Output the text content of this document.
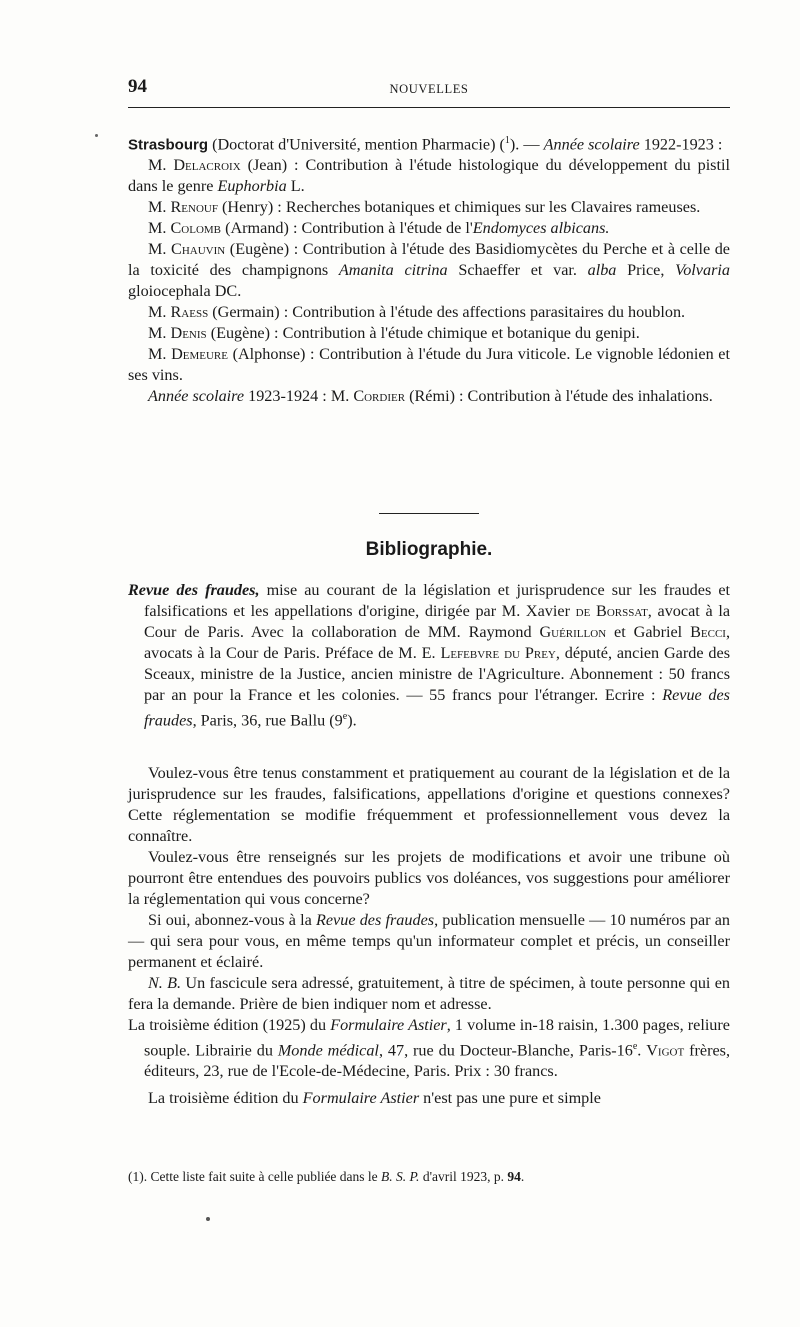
94	NOUVELLES

Strasbourg (Doctorat d'Université, mention Pharmacie) ($^1$). — Année scolaire 1922-1923 :

M. Delacroix (Jean) : Contribution à l'étude histologique du développement du pistil dans le genre Euphorbia L.

M. Renouf (Henry) : Recherches botaniques et chimiques sur les Clavaires rameuses.

M. Colomb (Armand) : Contribution à l'étude de l'Endomyces albicans.

M. Chauvin (Eugène) : Contribution à l'étude des Basidiomycètes du Perche et à celle de la toxicité des champignons Amanita citrina Schaeffer et var. alba Price, Volvaria gloiocephala DC.

M. Raess (Germain) : Contribution à l'étude des affections parasitaires du houblon.

M. Denis (Eugène) : Contribution à l'étude chimique et botanique du genipi.

M. Demeure (Alphonse) : Contribution à l'étude du Jura viticole. Le vignoble lédonien et ses vins.

Année scolaire 1923-1924 : M. Cordier (Rémi) : Contribution à l'étude des inhalations.

Bibliographie.

Revue des fraudes, mise au courant de la législation et jurisprudence sur les fraudes et falsifications et les appellations d'origine, dirigée par M. Xavier de Borssat, avocat à la Cour de Paris. Avec la collaboration de MM. Raymond Guérillon et Gabriel Becci, avocats à la Cour de Paris. Préface de M. E. Lefebvre du Prey, député, ancien Garde des Sceaux, ministre de la Justice, ancien ministre de l'Agriculture. Abonnement : 50 francs par an pour la France et les colonies. — 55 francs pour l'étranger. Ecrire : Revue des fraudes, Paris, 36, rue Ballu (9e).

Voulez-vous être tenus constamment et pratiquement au courant de la législation et de la jurisprudence sur les fraudes, falsifications, appellations d'origine et questions connexes? Cette réglementation se modifie fréquemment et professionnellement vous devez la connaître.

Voulez-vous être renseignés sur les projets de modifications et avoir une tribune où pourront être entendues des pouvoirs publics vos doléances, vos suggestions pour améliorer la réglementation qui vous concerne?

Si oui, abonnez-vous à la Revue des fraudes, publication mensuelle — 10 numéros par an — qui sera pour vous, en même temps qu'un informateur complet et précis, un conseiller permanent et éclairé.

N. B. Un fascicule sera adressé, gratuitement, à titre de spécimen, à toute personne qui en fera la demande. Prière de bien indiquer nom et adresse.

La troisième édition (1925) du Formulaire Astier, 1 volume in-18 raisin, 1.300 pages, reliure souple. Librairie du Monde médical, 47, rue du Docteur-Blanche, Paris-16e. Vigot frères, éditeurs, 23, rue de l'Ecole-de-Médecine, Paris. Prix : 30 francs.

La troisième édition du Formulaire Astier n'est pas une pure et simple

(1). Cette liste fait suite à celle publiée dans le B. S. P. d'avril 1923, p. 94.
